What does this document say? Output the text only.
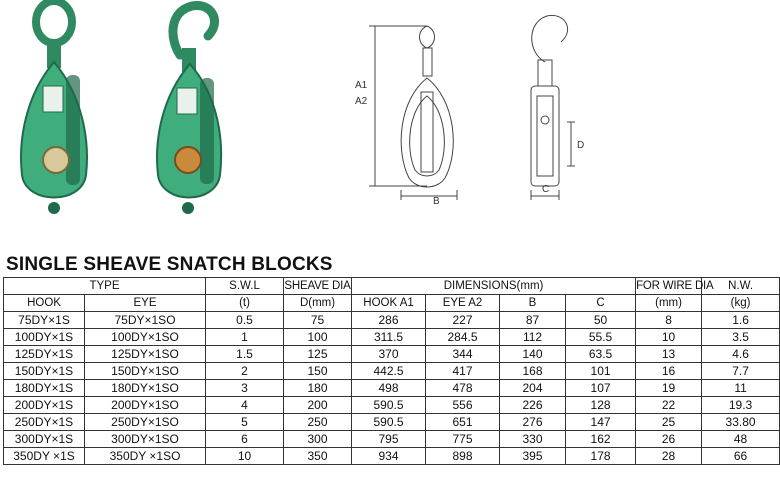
A1
A2
B
D
C
SINGLE SHEAVE SNATCH BLOCKS
TYPE		S.W.L	SHEAVE DIA	DIMENSIONS(mm)				FOR WIRE DIA	N.W.
HOOK	EYE	(t)	D(mm)	HOOK A1	EYE A2	B	C	(mm)	(kg)
75DY×1S	75DY×1SO	0.5	75	286	227	87	50	8	1.6
100DY×1S	100DY×1SO	1	100	311.5	284.5	112	55.5	10	3.5
125DY×1S	125DY×1SO	1.5	125	370	344	140	63.5	13	4.6
150DY×1S	150DY×1SO	2	150	442.5	417	168	101	16	7.7
180DY×1S	180DY×1SO	3	180	498	478	204	107	19	11
200DY×1S	200DY×1SO	4	200	590.5	556	226	128	22	19.3
250DY×1S	250DY×1SO	5	250	590.5	651	276	147	25	33.80
300DY×1S	300DY×1SO	6	300	795	775	330	162	26	48
350DY ×1S	350DY ×1SO	10	350	934	898	395	178	28	66
